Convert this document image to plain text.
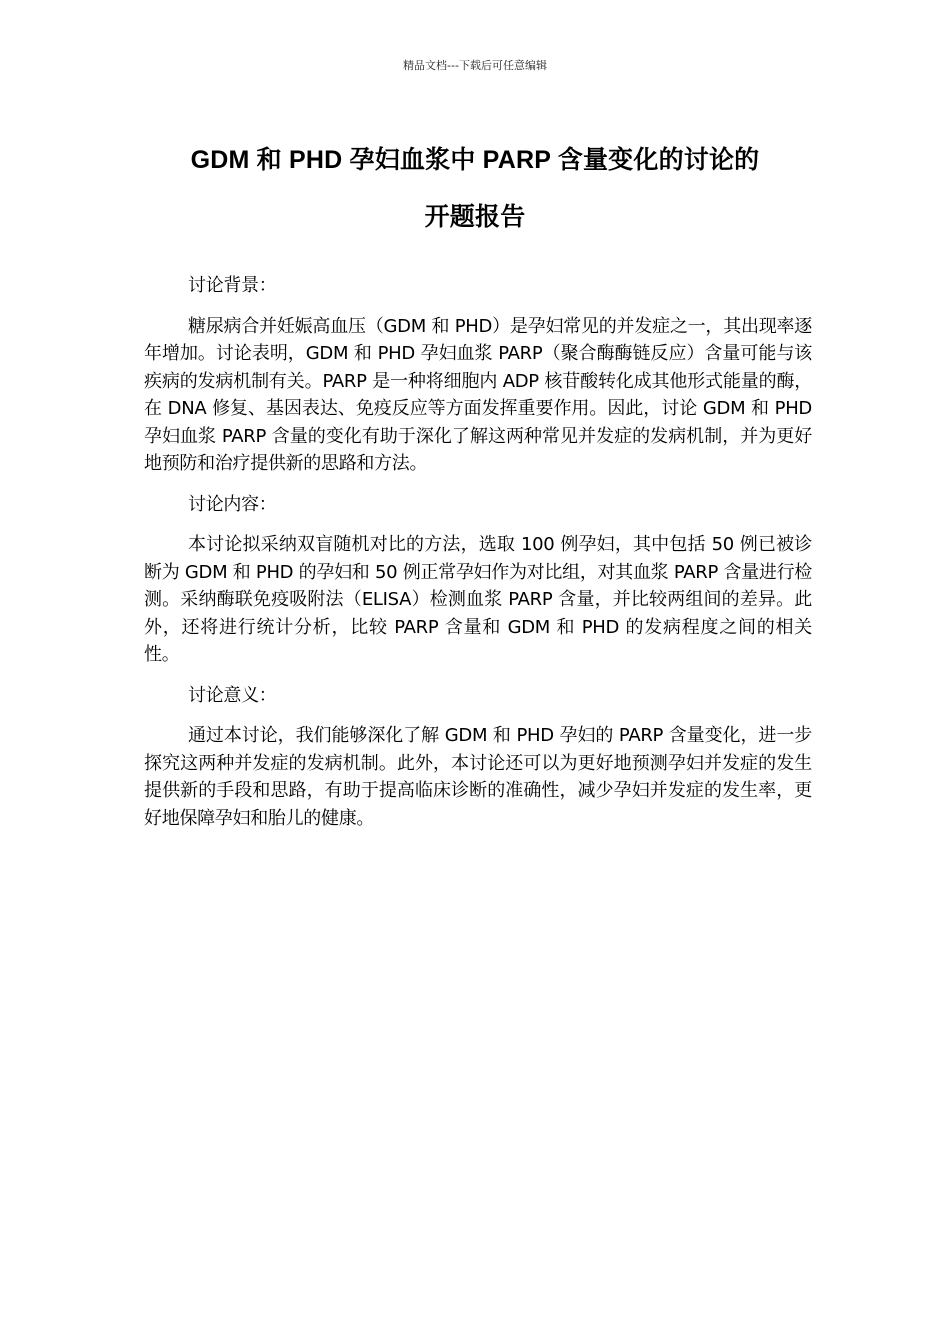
精品文档---下载后可任意编辑
GDM 和 PHD 孕妇血浆中 PARP 含量变化的讨论的
开题报告
讨论背景：
糖尿病合并妊娠高血压（GDM 和 PHD）是孕妇常见的并发症之一，其出现率逐年增加。讨论表明，GDM 和 PHD 孕妇血浆 PARP（聚合酶酶链反应）含量可能与该疾病的发病机制有关。PARP 是一种将细胞内 ADP 核苷酸转化成其他形式能量的酶，在 DNA 修复、基因表达、免疫反应等方面发挥重要作用。因此，讨论 GDM 和 PHD 孕妇血浆 PARP 含量的变化有助于深化了解这两种常见并发症的发病机制，并为更好地预防和治疗提供新的思路和方法。
讨论内容：
本讨论拟采纳双盲随机对比的方法，选取 100 例孕妇，其中包括 50 例已被诊断为 GDM 和 PHD 的孕妇和 50 例正常孕妇作为对比组，对其血浆 PARP 含量进行检测。采纳酶联免疫吸附法（ELISA）检测血浆 PARP 含量，并比较两组间的差异。此外，还将进行统计分析，比较 PARP 含量和 GDM 和 PHD 的发病程度之间的相关性。
讨论意义：
通过本讨论，我们能够深化了解 GDM 和 PHD 孕妇的 PARP 含量变化，进一步探究这两种并发症的发病机制。此外，本讨论还可以为更好地预测孕妇并发症的发生提供新的手段和思路，有助于提高临床诊断的准确性，减少孕妇并发症的发生率，更好地保障孕妇和胎儿的健康。
